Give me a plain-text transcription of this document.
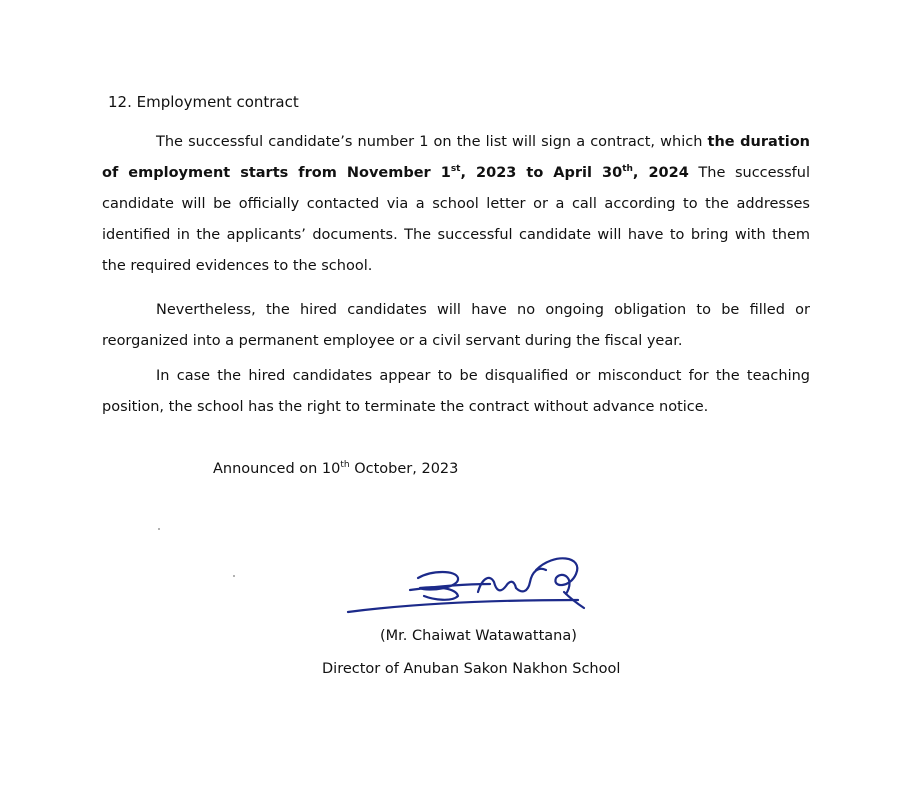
12. Employment contract
The successful candidate’s number 1 on the list will sign a contract, which the duration of employment starts from November 1st, 2023 to April 30th, 2024 The successful candidate will be officially contacted via a school letter or a call according to the addresses identified in the applicants’ documents. The successful candidate will have to bring with them the required evidences to the school.
Nevertheless, the hired candidates will have no ongoing obligation to be filled or reorganized into a permanent employee or a civil servant during the fiscal year.
In case the hired candidates appear to be disqualified or misconduct for the teaching position, the school has the right to terminate the contract without advance notice.
Announced on 10th October, 2023
(Mr. Chaiwat Watawattana)
Director of Anuban Sakon Nakhon School
